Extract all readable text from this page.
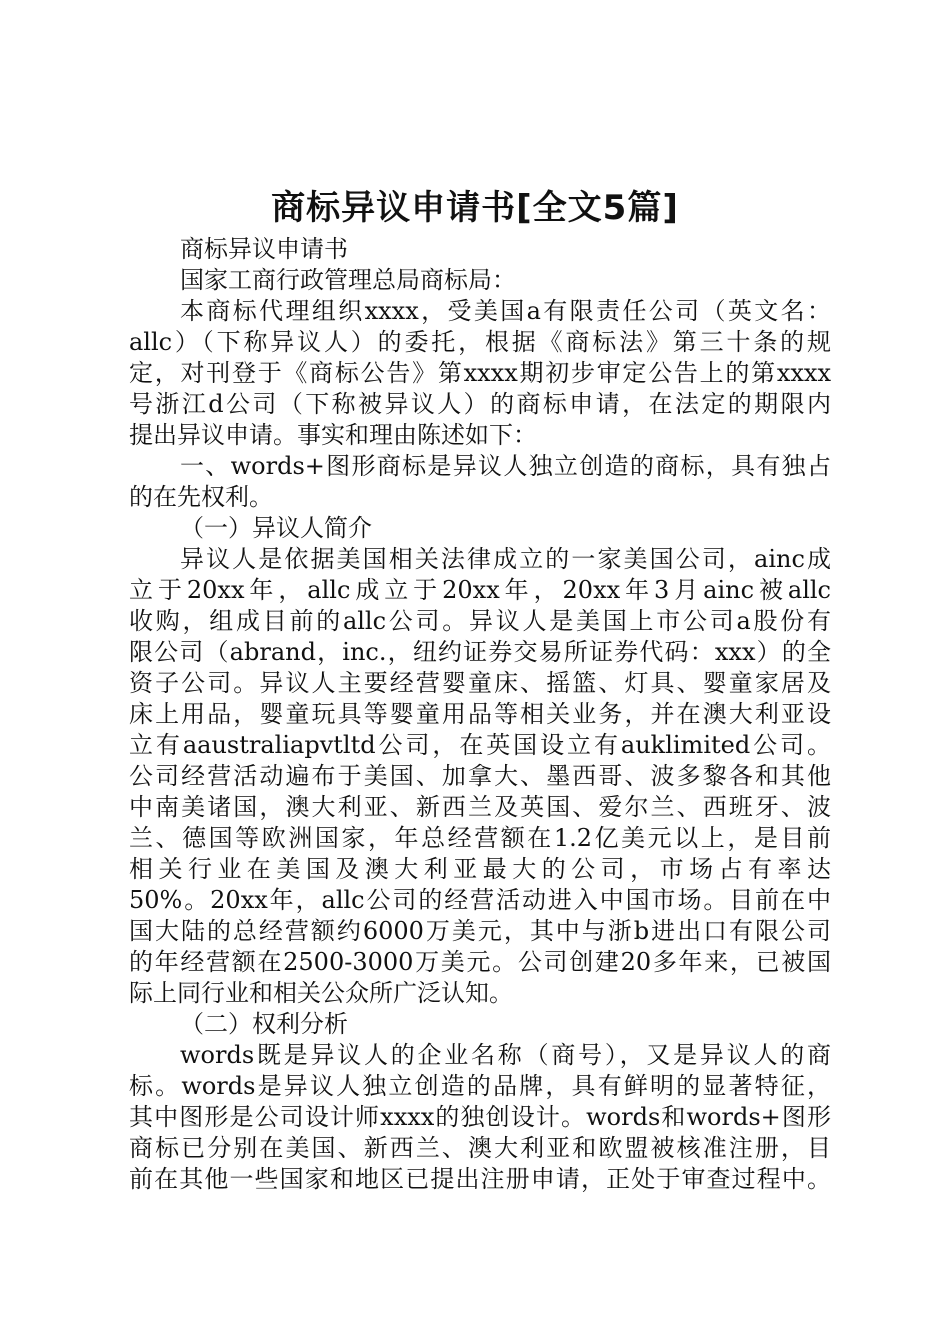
商标异议申请书[全文5篇]
商标异议申请书
国家工商行政管理总局商标局：
本商标代理组织xxxx，受美国a有限责任公司（英文名：
allc）（下称异议人）的委托，根据《商标法》第三十条的规
定，对刊登于《商标公告》第xxxx期初步审定公告上的第xxxx
号浙江d公司（下称被异议人）的商标申请，在法定的期限内
提出异议申请。事实和理由陈述如下：
一、words+图形商标是异议人独立创造的商标，具有独占
的在先权利。
（一）异议人简介
异议人是依据美国相关法律成立的一家美国公司，ainc成
立于20xx年，allc成立于20xx年，20xx年3月ainc被allc
收购，组成目前的allc公司。异议人是美国上市公司a股份有
限公司（abrand，inc.，纽约证券交易所证券代码：xxx）的全
资子公司。异议人主要经营婴童床、摇篮、灯具、婴童家居及
床上用品，婴童玩具等婴童用品等相关业务，并在澳大利亚设
立有aaustraliapvtltd公司，在英国设立有auklimited公司。
公司经营活动遍布于美国、加拿大、墨西哥、波多黎各和其他
中南美诸国，澳大利亚、新西兰及英国、爱尔兰、西班牙、波
兰、德国等欧洲国家，年总经营额在1.2亿美元以上，是目前
相关行业在美国及澳大利亚最大的公司，市场占有率达
50%。20xx年，allc公司的经营活动进入中国市场。目前在中
国大陆的总经营额约6000万美元，其中与浙b进出口有限公司
的年经营额在2500-3000万美元。公司创建20多年来，已被国
际上同行业和相关公众所广泛认知。
（二）权利分析
words既是异议人的企业名称（商号），又是异议人的商
标。words是异议人独立创造的品牌，具有鲜明的显著特征，
其中图形是公司设计师xxxx的独创设计。words和words+图形
商标已分别在美国、新西兰、澳大利亚和欧盟被核准注册，目
前在其他一些国家和地区已提出注册申请，正处于审查过程中。
